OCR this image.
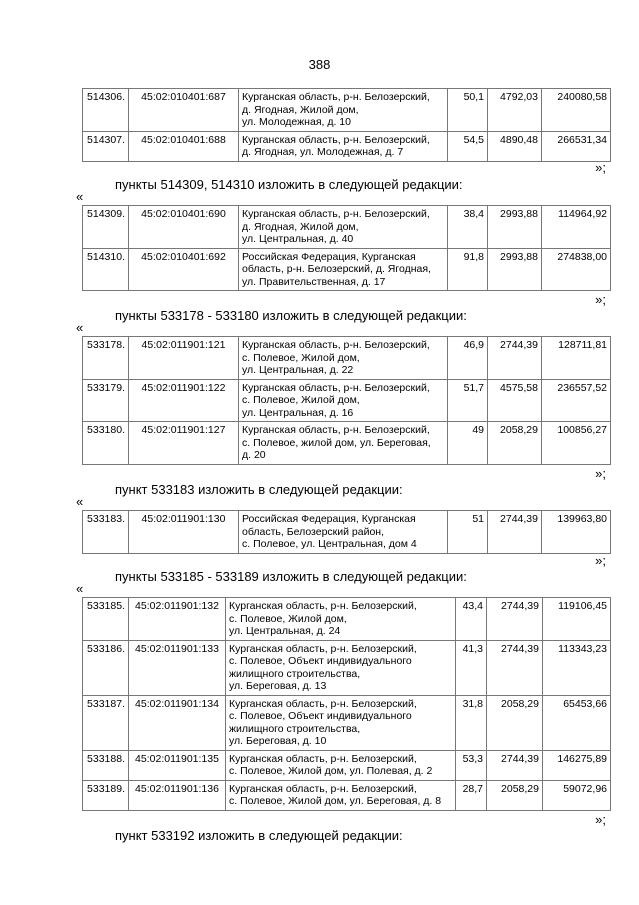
388
514306.	45:02:010401:687	Курганская область, р-н. Белозерский,
д. Ягодная, Жилой дом,
ул. Молодежная, д. 10	50,1	4792,03	240080,58
514307.	45:02:010401:688	Курганская область, р-н. Белозерский,
д. Ягодная, ул. Молодежная, д. 7	54,5	4890,48	266531,34
»;
пункты 514309, 514310 изложить в следующей редакции:
«
514309.	45:02:010401:690	Курганская область, р-н. Белозерский,
д. Ягодная, Жилой дом,
ул. Центральная, д. 40	38,4	2993,88	114964,92
514310.	45:02:010401:692	Российская Федерация, Курганская
область, р-н. Белозерский, д. Ягодная,
ул. Правительственная, д. 17	91,8	2993,88	274838,00
»;
пункты 533178 - 533180 изложить в следующей редакции:
«
533178.	45:02:011901:121	Курганская область, р-н. Белозерский,
с. Полевое, Жилой дом,
ул. Центральная, д. 22	46,9	2744,39	128711,81
533179.	45:02:011901:122	Курганская область, р-н. Белозерский,
с. Полевое, Жилой дом,
ул. Центральная, д. 16	51,7	4575,58	236557,52
533180.	45:02:011901:127	Курганская область, р-н. Белозерский,
с. Полевое, жилой дом, ул. Береговая,
д. 20	49	2058,29	100856,27
»;
пункт 533183 изложить в следующей редакции:
«
533183.	45:02:011901:130	Российская Федерация, Курганская
область, Белозерский район,
с. Полевое, ул. Центральная, дом 4
	51	2744,39	139963,80
»;
пункты 533185 - 533189 изложить в следующей редакции:
«
533185.	45:02:011901:132	Курганская область, р-н. Белозерский,
с. Полевое, Жилой дом,
ул. Центральная, д. 24	43,4	2744,39	119106,45
533186.	45:02:011901:133	Курганская область, р-н. Белозерский,
с. Полевое, Объект индивидуального
жилищного строительства,
ул. Береговая, д. 13	41,3	2744,39	113343,23
533187.	45:02:011901:134	Курганская область, р-н. Белозерский,
с. Полевое, Объект индивидуального
жилищного строительства,
ул. Береговая, д. 10	31,8	2058,29	65453,66
533188.	45:02:011901:135	Курганская область, р-н. Белозерский,
с. Полевое, Жилой дом, ул. Полевая, д. 2	53,3	2744,39	146275,89
533189.	45:02:011901:136	Курганская область, р-н. Белозерский,
с. Полевое, Жилой дом, ул. Береговая, д. 8	28,7	2058,29	59072,96
»;
пункт 533192 изложить в следующей редакции:
